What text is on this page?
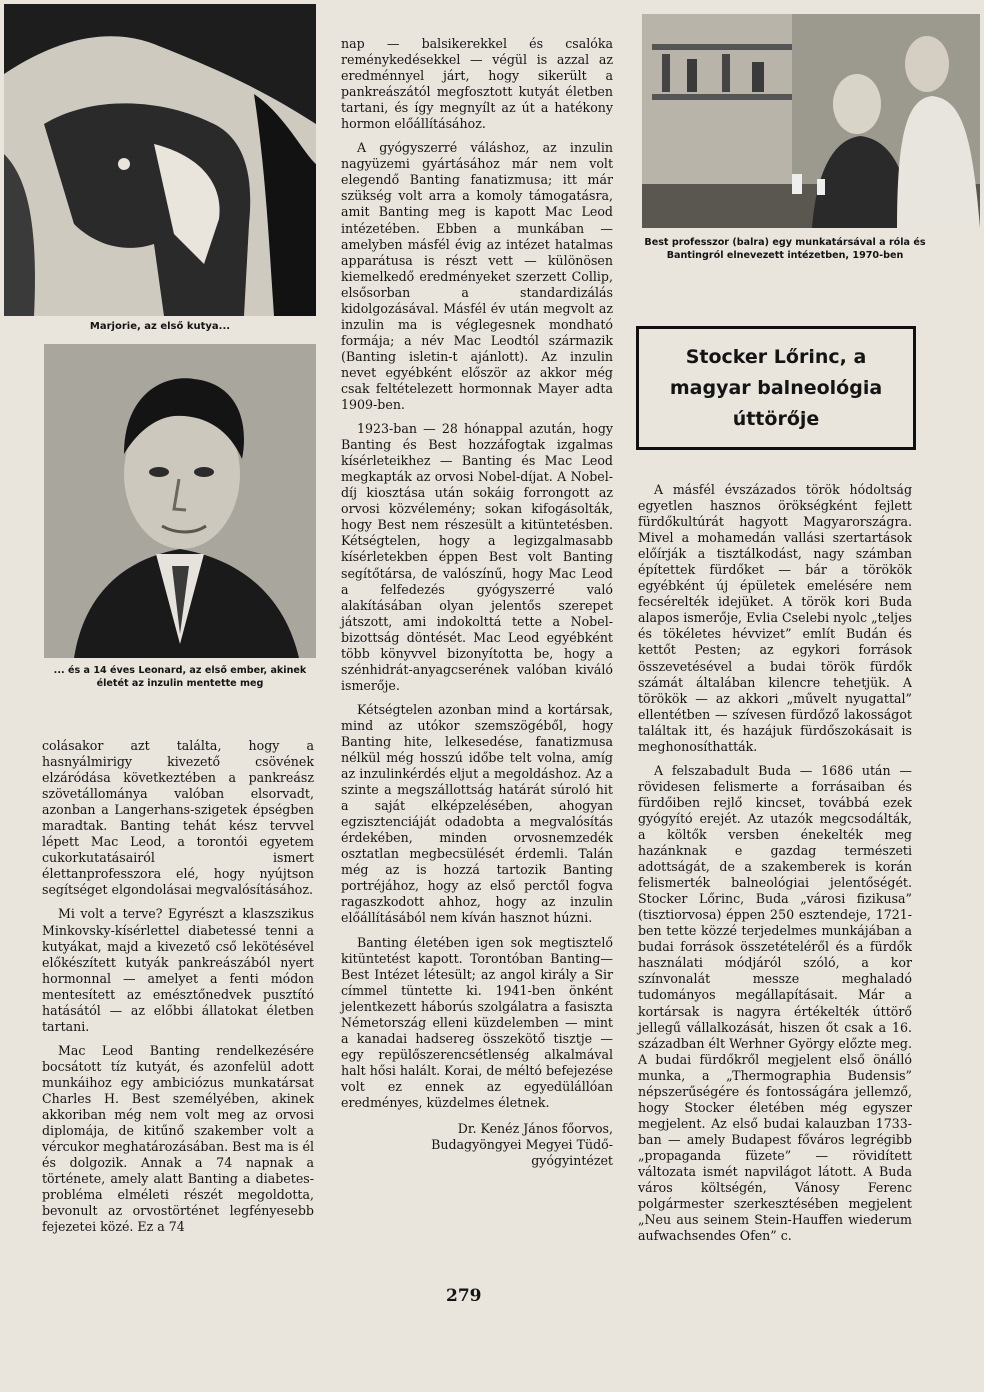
Marjorie, az első kutya...
... és a 14 éves Leonard, az első ember, akinek életét az inzulin mentette meg
Best professzor (balra) egy munkatársával a róla és Bantingról elnevezett intézetben, 1970-ben

colásakor azt találta, hogy a hasnyálmirigy kivezető csövének elzáródása következtében a pankreász szövetállománya valóban elsorvadt, azonban a Langerhans-szigetek épségben maradtak. Banting tehát kész tervvel lépett Mac Leod, a torontói egyetem cukorkutatásairól ismert élettanprofesszora elé, hogy nyújtson segítséget elgondolásai megvalósításához.

Mi volt a terve? Egyrészt a klaszszikus Minkovsky-kísérlettel diabetessé tenni a kutyákat, majd a kivezető cső lekötésével előkészített kutyák pankreászából nyert hormonnal — amelyet a fenti módon mentesített az emésztőnedvek pusztító hatásától — az előbbi állatokat életben tartani.

Mac Leod Banting rendelkezésére bocsátott tíz kutyát, és azonfelül adott munkáihoz egy ambiciózus munkatársat Charles H. Best személyében, akinek akkoriban még nem volt meg az orvosi diplomája, de kitűnő szakember volt a vércukor meghatározásában. Best ma is él és dolgozik. Annak a 74 napnak a története, amely alatt Banting a diabetes-probléma elméleti részét megoldotta, bevonult az orvostörténet legfényesebb fejezetei közé. Ez a 74

nap — balsikerekkel és csalóka reménykedésekkel — végül is azzal az eredménnyel járt, hogy sikerült a pankreászától megfosztott kutyát életben tartani, és így megnyílt az út a hatékony hormon előállításához.

A gyógyszerré váláshoz, az inzulin nagyüzemi gyártásához már nem volt elegendő Banting fanatizmusa; itt már szükség volt arra a komoly támogatásra, amit Banting meg is kapott Mac Leod intézetében. Ebben a munkában — amelyben másfél évig az intézet hatalmas apparátusa is részt vett — különösen kiemelkedő eredményeket szerzett Collip, elsősorban a standardizálás kidolgozásával. Másfél év után megvolt az inzulin ma is véglegesnek mondható formája; a név Mac Leodtól származik (Banting isletin-t ajánlott). Az inzulin nevet egyébként először az akkor még csak feltételezett hormonnak Mayer adta 1909-ben.

1923-ban — 28 hónappal azután, hogy Banting és Best hozzáfogtak izgalmas kísérleteikhez — Banting és Mac Leod megkapták az orvosi Nobel-díjat. A Nobel-díj kiosztása után sokáig forrongott az orvosi közvélemény; sokan kifogásolták, hogy Best nem részesült a kitüntetésben. Kétségtelen, hogy a legizgalmasabb kísérletekben éppen Best volt Banting segítőtársa, de valószínű, hogy Mac Leod a felfedezés gyógyszerré való alakításában olyan jelentős szerepet játszott, ami indokolttá tette a Nobel-bizottság döntését. Mac Leod egyébként több könyvvel bizonyította be, hogy a szénhidrát-anyagcserének valóban kiváló ismerője.

Kétségtelen azonban mind a kortársak, mind az utókor szemszögéből, hogy Banting hite, lelkesedése, fanatizmusa nélkül még hosszú időbe telt volna, amíg az inzulinkérdés eljut a megoldáshoz. Az a szinte a megszállottság határát súroló hit a saját elképzelésében, ahogyan egzisztenciáját odadobta a megvalósítás érdekében, minden orvosnemzedék osztatlan megbecsülését érdemli. Talán még az is hozzá tartozik Banting portréjához, hogy az első perctől fogva ragaszkodott ahhoz, hogy az inzulin előállításából nem kíván hasznot húzni.

Banting életében igen sok megtisztelő kitüntetést kapott. Torontóban Banting—Best Intézet létesült; az angol király a Sir címmel tüntette ki. 1941-ben önként jelentkezett háborús szolgálatra a fasiszta Németország elleni küzdelemben — mint a kanadai hadsereg összekötő tisztje — egy repülőszerencsétlenség alkalmával halt hősi halált. Korai, de méltó befejezése volt ez ennek az egyedülállóan eredményes, küzdelmes életnek.

Dr. Kenéz János főorvos,
Budagyöngyei Megyei Tüdő-
gyógyintézet
Stocker Lőrinc, a magyar balneológia úttörője

A másfél évszázados török hódoltság egyetlen hasznos örökségként fejlett fürdőkultúrát hagyott Magyarországra. Mivel a mohamedán vallási szertartások előírják a tisztálkodást, nagy számban építettek fürdőket — bár a törökök egyébként új épületek emelésére nem fecsérelték idejüket. A török kori Buda alapos ismerője, Evlia Cselebi nyolc „teljes és tökéletes hévvizet” említ Budán és kettőt Pesten; az egykori források összevetésével a budai török fürdők számát általában kilencre tehetjük. A törökök — az akkori „művelt nyugattal” ellentétben — szívesen fürdőző lakosságot találtak itt, és hazájuk fürdőszokásait is meghonosíthatták.

A felszabadult Buda — 1686 után — rövidesen felismerte a forrásaiban és fürdőiben rejlő kincset, továbbá ezek gyógyító erejét. Az utazók megcsodálták, a költők versben énekelték meg hazánknak e gazdag természeti adottságát, de a szakemberek is korán felismerték balneológiai jelentőségét. Stocker Lőrinc, Buda „városi fizikusa” (tisztiorvosa) éppen 250 esztendeje, 1721-ben tette közzé terjedelmes munkájában a budai források összetételéről és a fürdők használati módjáról szóló, a kor színvonalát messze meghaladó tudományos megállapításait. Már a kortársak is nagyra értékelték úttörő jellegű vállalkozását, hiszen őt csak a 16. században élt Werhner György előzte meg. A budai fürdőkről megjelent első önálló munka, a „Thermographia Budensis” népszerűségére és fontosságára jellemző, hogy Stocker életében még egyszer megjelent. Az első budai kalauzban 1733-ban — amely Budapest főváros legrégibb „propaganda füzete” — rövidített változata ismét napvilágot látott. A Buda város költségén, Vánosy Ferenc polgármester szerkesztésében megjelent „Neu aus seinem Stein-Hauffen wiederum aufwachsendes Ofen” c.

279
